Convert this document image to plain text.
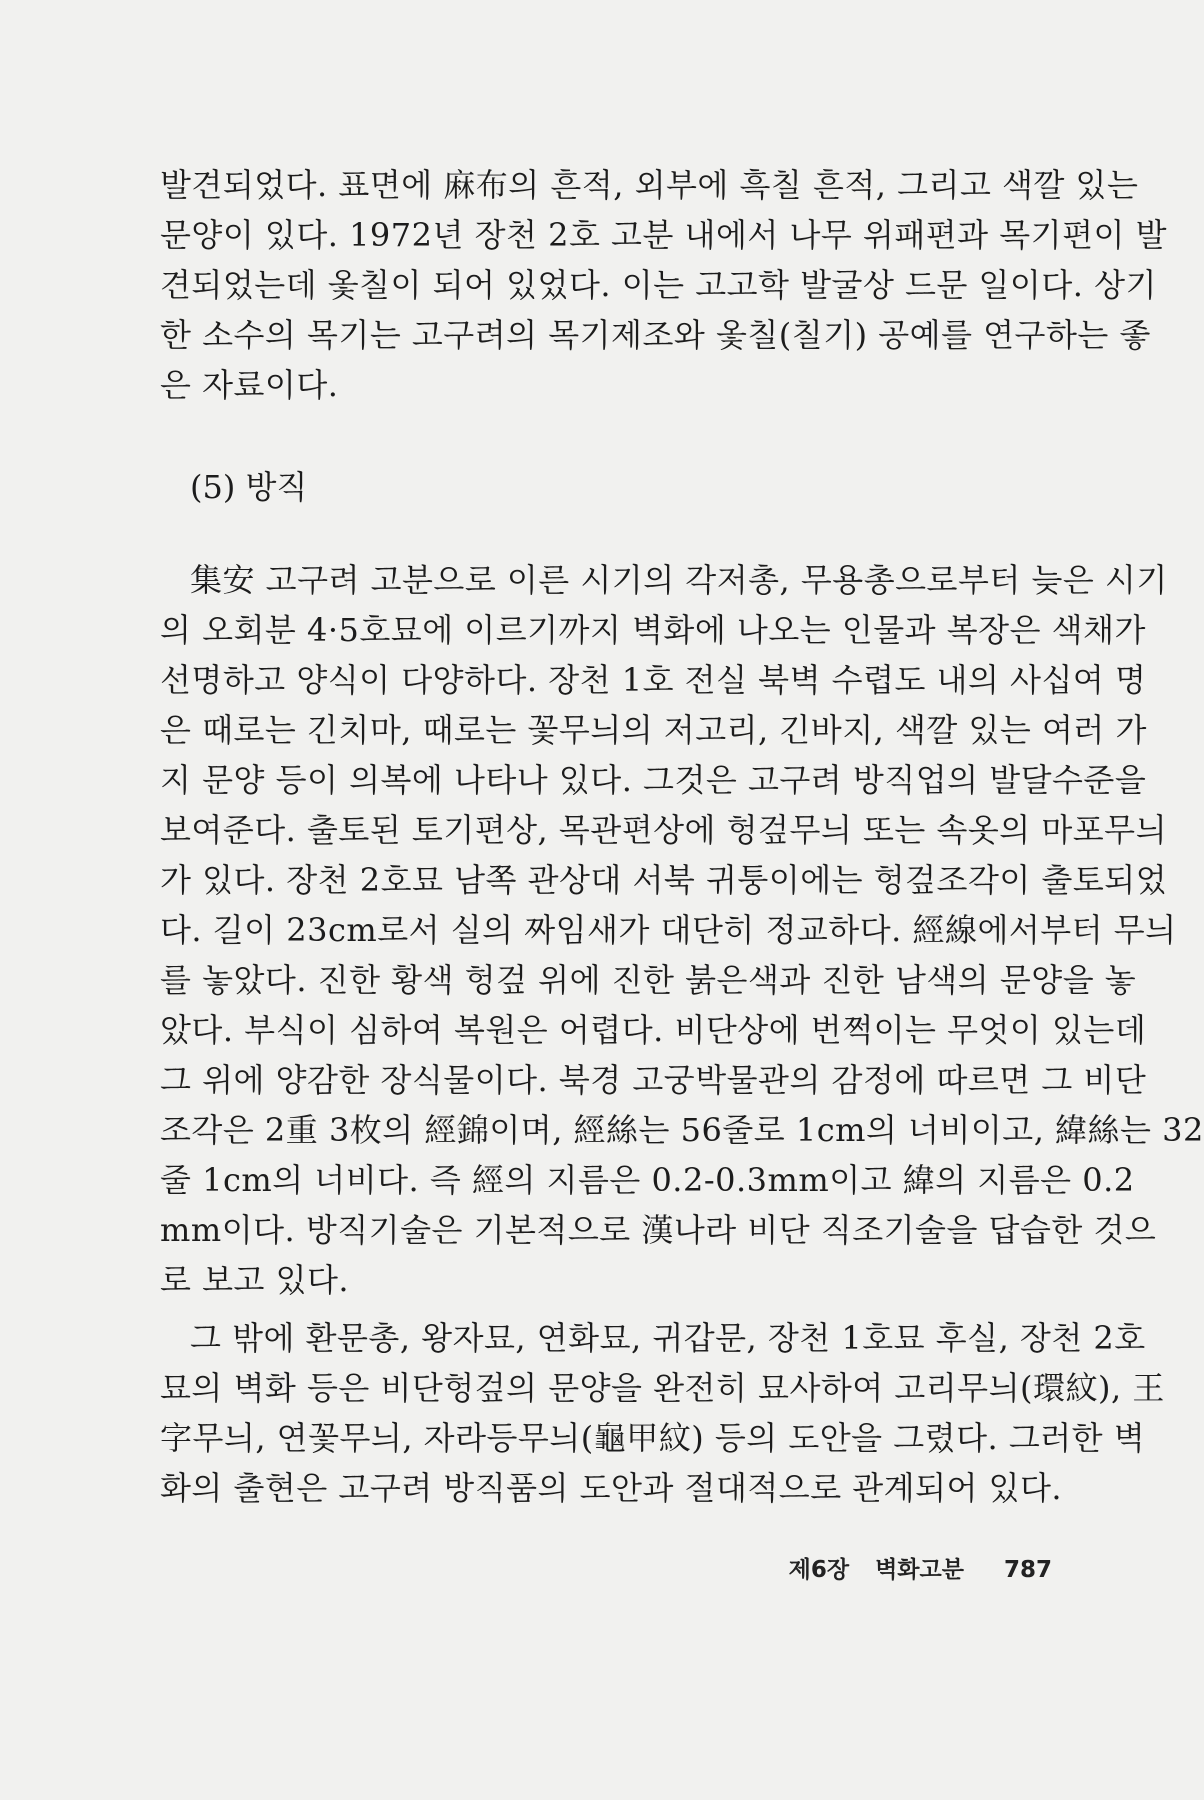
발견되었다. 표면에 麻布의 흔적, 외부에 흑칠 흔적, 그리고 색깔 있는
문양이 있다. 1972년 장천 2호 고분 내에서 나무 위패편과 목기편이 발
견되었는데 옻칠이 되어 있었다. 이는 고고학 발굴상 드문 일이다. 상기
한 소수의 목기는 고구려의 목기제조와 옻칠(칠기) 공예를 연구하는 좋
은 자료이다.
(5) 방직
集安 고구려 고분으로 이른 시기의 각저총, 무용총으로부터 늦은 시기
의 오회분 4·5호묘에 이르기까지 벽화에 나오는 인물과 복장은 색채가
선명하고 양식이 다양하다. 장천 1호 전실 북벽 수렵도 내의 사십여 명
은 때로는 긴치마, 때로는 꽃무늬의 저고리, 긴바지, 색깔 있는 여러 가
지 문양 등이 의복에 나타나 있다. 그것은 고구려 방직업의 발달수준을
보여준다. 출토된 토기편상, 목관편상에 헝겊무늬 또는 속옷의 마포무늬
가 있다. 장천 2호묘 남쪽 관상대 서북 귀퉁이에는 헝겊조각이 출토되었
다. 길이 23cm로서 실의 짜임새가 대단히 정교하다. 經線에서부터 무늬
를 놓았다. 진한 황색 헝겊 위에 진한 붉은색과 진한 남색의 문양을 놓
았다. 부식이 심하여 복원은 어렵다. 비단상에 번쩍이는 무엇이 있는데
그 위에 양감한 장식물이다. 북경 고궁박물관의 감정에 따르면 그 비단
조각은 2重 3枚의 經錦이며, 經絲는 56줄로 1cm의 너비이고, 緯絲는 32
줄 1cm의 너비다. 즉 經의 지름은 0.2-0.3mm이고 緯의 지름은 0.2
mm이다. 방직기술은 기본적으로 漢나라 비단 직조기술을 답습한 것으
로 보고 있다.
그 밖에 환문총, 왕자묘, 연화묘, 귀갑문, 장천 1호묘 후실, 장천 2호
묘의 벽화 등은 비단헝겊의 문양을 완전히 묘사하여 고리무늬(環紋), 王
字무늬, 연꽃무늬, 자라등무늬(龜甲紋) 등의 도안을 그렸다. 그러한 벽
화의 출현은 고구려 방직품의 도안과 절대적으로 관계되어 있다.
제6장 벽화고분 787
